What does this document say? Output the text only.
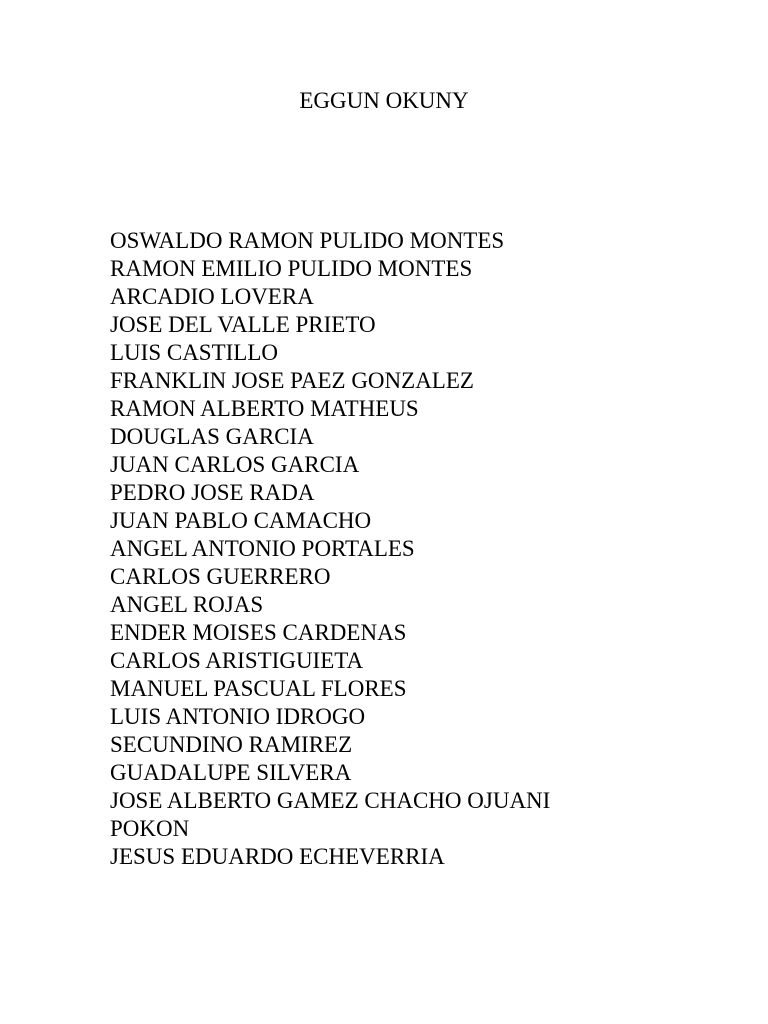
EGGUN OKUNY
OSWALDO RAMON PULIDO MONTES
RAMON EMILIO PULIDO MONTES
ARCADIO LOVERA
JOSE DEL VALLE PRIETO
LUIS CASTILLO
FRANKLIN JOSE PAEZ GONZALEZ
RAMON ALBERTO MATHEUS
DOUGLAS GARCIA
JUAN CARLOS GARCIA
PEDRO JOSE RADA
JUAN PABLO CAMACHO
ANGEL ANTONIO PORTALES
CARLOS GUERRERO
ANGEL ROJAS
ENDER MOISES CARDENAS
CARLOS ARISTIGUIETA
MANUEL PASCUAL FLORES
LUIS ANTONIO IDROGO
SECUNDINO RAMIREZ
GUADALUPE SILVERA
JOSE ALBERTO GAMEZ CHACHO OJUANI
POKON
JESUS EDUARDO ECHEVERRIA
